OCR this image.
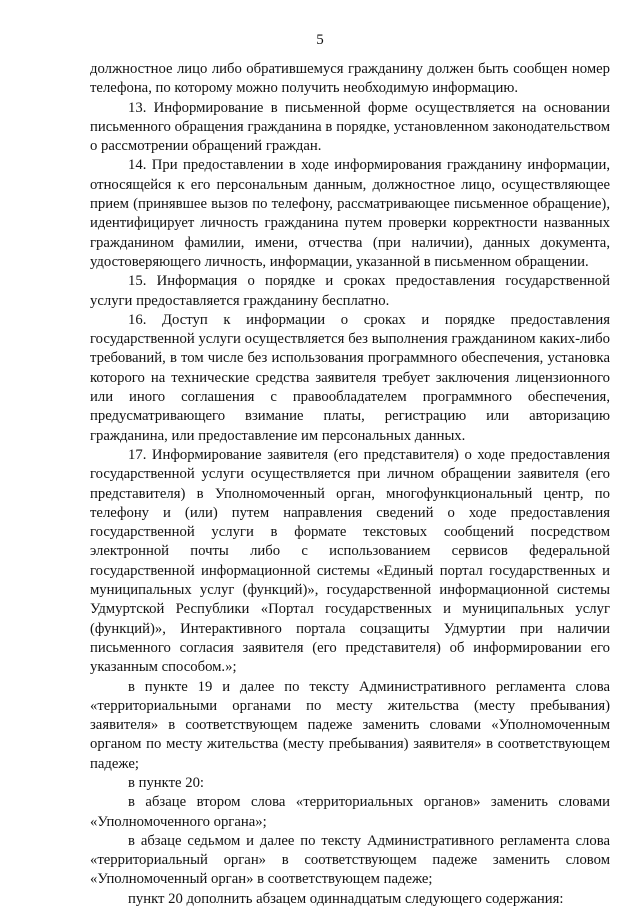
5

должностное лицо либо обратившемуся гражданину должен быть сообщен номер телефона, по которому можно получить необходимую информацию.

13. Информирование в письменной форме осуществляется на основании письменного обращения гражданина в порядке, установленном законодательством о рассмотрении обращений граждан.

14. При предоставлении в ходе информирования гражданину информации, относящейся к его персональным данным, должностное лицо, осуществляющее прием (принявшее вызов по телефону, рассматривающее письменное обращение), идентифицирует личность гражданина путем проверки корректности названных гражданином фамилии, имени, отчества (при наличии), данных документа, удостоверяющего личность, информации, указанной в письменном обращении.

15. Информация о порядке и сроках предоставления государственной услуги предоставляется гражданину бесплатно.

16. Доступ к информации о сроках и порядке предоставления государственной услуги осуществляется без выполнения гражданином каких-либо требований, в том числе без использования программного обеспечения, установка которого на технические средства заявителя требует заключения лицензионного или иного соглашения с правообладателем программного обеспечения, предусматривающего взимание платы, регистрацию или авторизацию гражданина, или предоставление им персональных данных.

17. Информирование заявителя (его представителя) о ходе предоставления государственной услуги осуществляется при личном обращении заявителя (его представителя) в Уполномоченный орган, многофункциональный центр, по телефону и (или) путем направления сведений о ходе предоставления государственной услуги в формате текстовых сообщений посредством электронной почты либо с использованием сервисов федеральной государственной информационной системы «Единый портал государственных и муниципальных услуг (функций)», государственной информационной системы Удмуртской Республики «Портал государственных и муниципальных услуг (функций)», Интерактивного портала соцзащиты Удмуртии при наличии письменного согласия заявителя (его представителя) об информировании его указанным способом.»;

в пункте 19 и далее по тексту Административного регламента слова «территориальными органами по месту жительства (месту пребывания) заявителя» в соответствующем падеже заменить словами «Уполномоченным органом по месту жительства (месту пребывания) заявителя» в соответствующем падеже;

в пункте 20:

в абзаце втором слова «территориальных органов» заменить словами «Уполномоченного органа»;

в абзаце седьмом и далее по тексту Административного регламента слова «территориальный орган» в соответствующем падеже заменить словом «Уполномоченный орган» в соответствующем падеже;

пункт 20 дополнить абзацем одиннадцатым следующего содержания:
